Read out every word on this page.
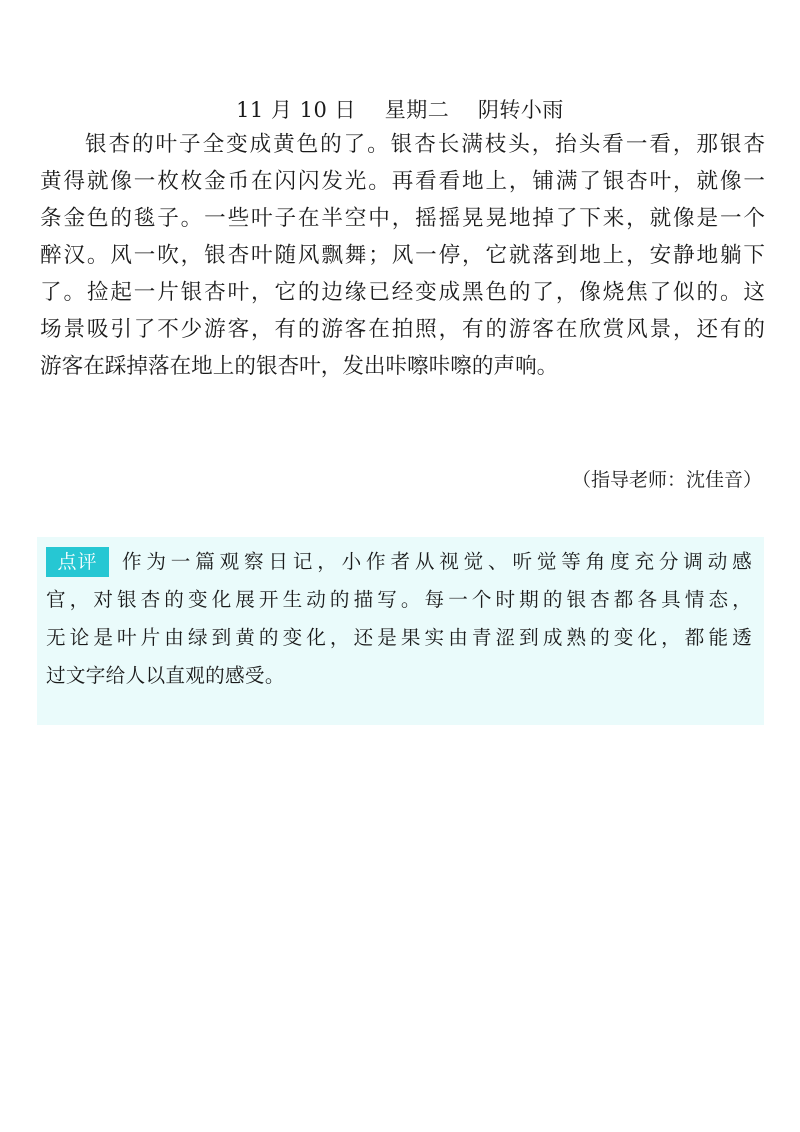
11 月 10 日    星期二    阴转小雨
银杏的叶子全变成黄色的了。银杏长满枝头，抬头看一看，那银杏
黄得就像一枚枚金币在闪闪发光。再看看地上，铺满了银杏叶，就像一
条金色的毯子。一些叶子在半空中，摇摇晃晃地掉了下来，就像是一个
醉汉。风一吹，银杏叶随风飘舞；风一停，它就落到地上，安静地躺下
了。捡起一片银杏叶，它的边缘已经变成黑色的了，像烧焦了似的。这
场景吸引了不少游客，有的游客在拍照，有的游客在欣赏风景，还有的
游客在踩掉落在地上的银杏叶，发出咔嚓咔嚓的声响。
（指导老师：沈佳音）
点评	作为一篇观察日记，小作者从视觉、听觉等角度充分调动感
官，对银杏的变化展开生动的描写。每一个时期的银杏都各具情态，
无论是叶片由绿到黄的变化，还是果实由青涩到成熟的变化，都能透
过文字给人以直观的感受。
